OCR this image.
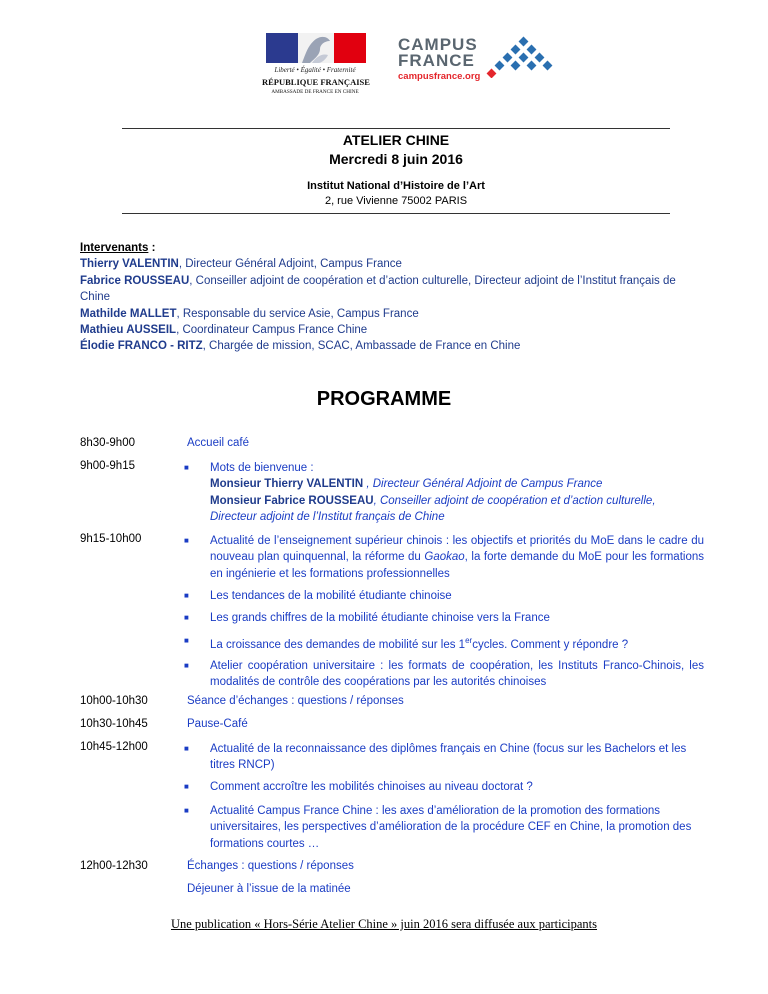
Liberté • Égalité • Fraternité
RÉPUBLIQUE FRANÇAISE
AMBASSADE DE FRANCE EN CHINE
CAMPUS
FRANCE
campusfrance.org
ATELIER CHINE
Mercredi 8 juin 2016
Institut National d’Histoire de l’Art
2, rue Vivienne 75002 PARIS
Intervenants :
Thierry VALENTIN, Directeur Général Adjoint, Campus France
Fabrice ROUSSEAU, Conseiller adjoint de coopération et d’action culturelle, Directeur adjoint de l’Institut français de Chine
Mathilde MALLET, Responsable du service Asie, Campus France
Mathieu AUSSEIL, Coordinateur Campus France Chine
Élodie FRANCO - RITZ, Chargée de mission, SCAC, Ambassade de France en Chine
PROGRAMME
8h30-9h00	Accueil café
9h00-9h15	■ Mots de bienvenue :
Monsieur Thierry VALENTIN , Directeur Général Adjoint de Campus France
Monsieur Fabrice ROUSSEAU, Conseiller adjoint de coopération et d’action culturelle, Directeur adjoint de l’Institut français de Chine
9h15-10h00	■ Actualité de l’enseignement supérieur chinois : les objectifs et priorités du MoE dans le cadre du nouveau plan quinquennal, la réforme du Gaokao, la forte demande du MoE pour les formations en ingénierie et les formations professionnelles
■ Les tendances de la mobilité étudiante chinoise
■ Les grands chiffres de la mobilité étudiante chinoise vers la France
■ La croissance des demandes de mobilité sur les 1ercycles. Comment y répondre ?
■ Atelier coopération universitaire : les formats de coopération, les Instituts Franco-Chinois, les modalités de contrôle des coopérations par les autorités chinoises
10h00-10h30	Séance d’échanges : questions / réponses
10h30-10h45	Pause-Café
10h45-12h00	■ Actualité de la reconnaissance des diplômes français en Chine (focus sur les Bachelors et les titres RNCP)
■ Comment accroître les mobilités chinoises au niveau doctorat ?
■ Actualité Campus France Chine : les axes d’amélioration de la promotion des formations universitaires, les perspectives d’amélioration de la procédure CEF en Chine, la promotion des formations courtes …
12h00-12h30	Échanges : questions / réponses
Déjeuner à l’issue de la matinée
Une publication « Hors-Série Atelier Chine » juin 2016 sera diffusée aux participants
